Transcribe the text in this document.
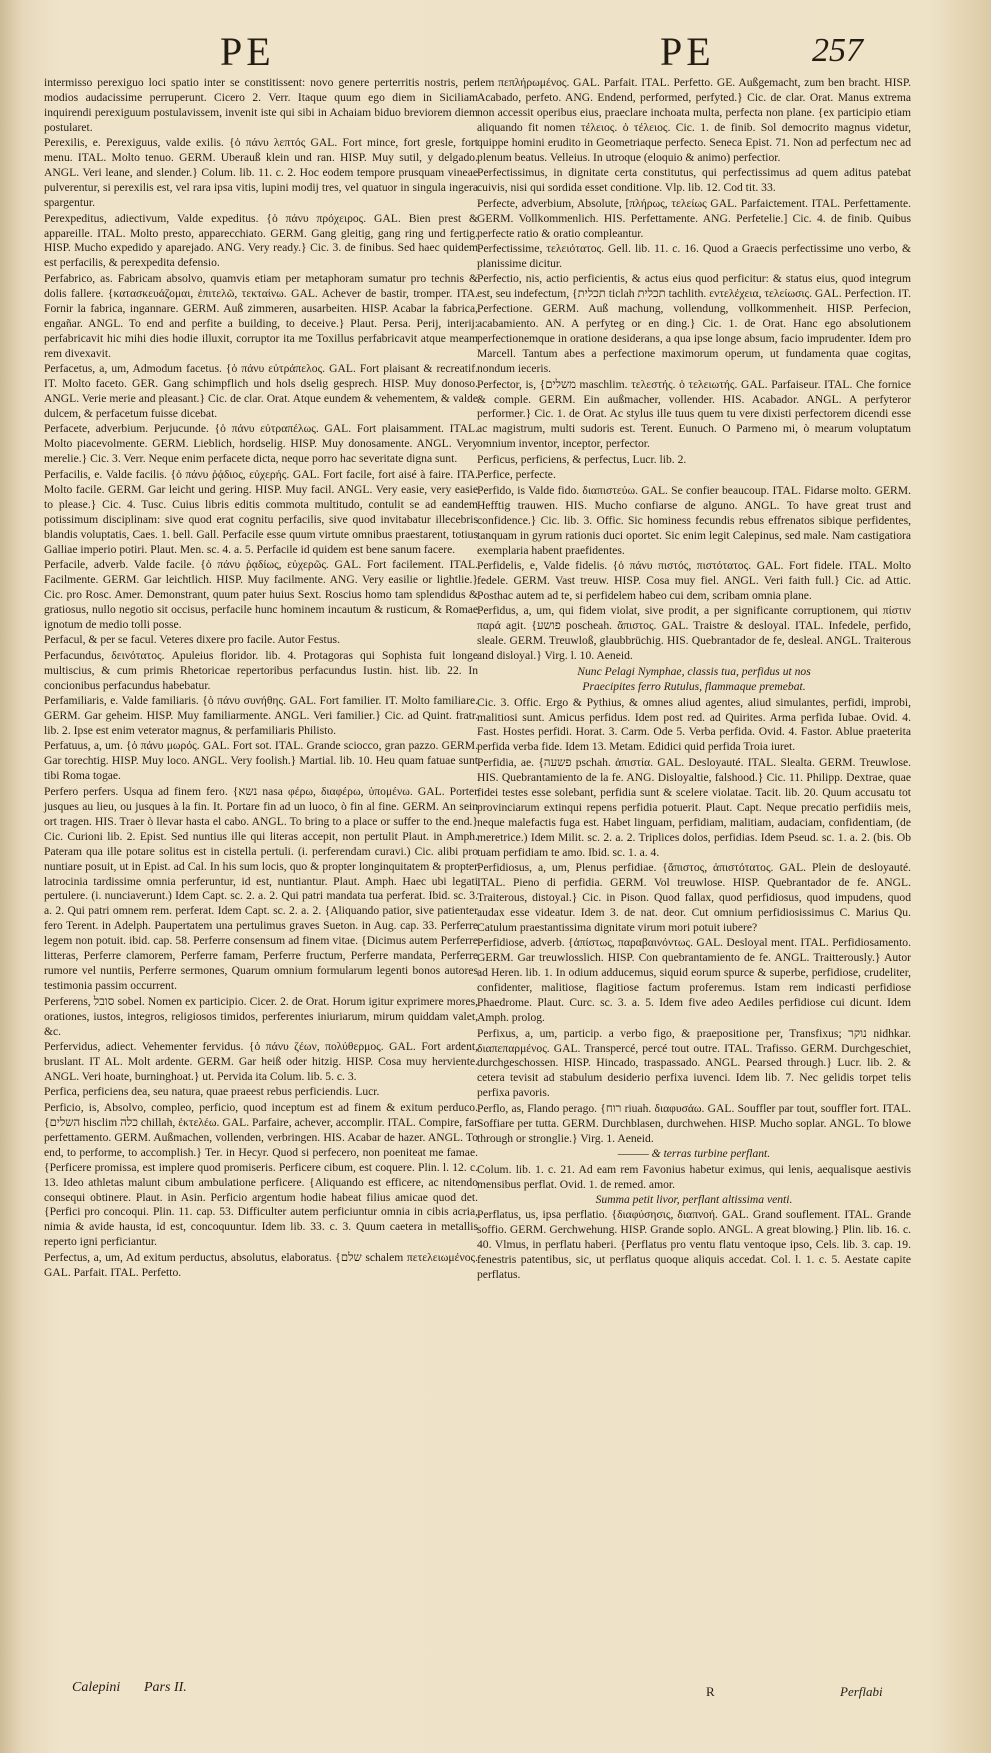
PE	PE	257

intermisso perexiguo loci spatio inter se constitissent: novo genere perterritis nostris, per modios audacissime perruperunt. Cicero 2. Verr. Itaque quum ego diem in Siciliam inquirendi perexiguum postulavissem, invenit iste qui sibi in Achaiam biduo breviorem diem postularet.

Perexilis, e. Perexiguus, valde exilis. {ὁ πάνυ λεπτός GAL. Fort mince, fort gresle, fort menu. ITAL. Molto tenuo. GERM. Uberauß klein und ran. HISP. Muy sutil, y delgado. ANGL. Veri leane, and slender.} Colum. lib. 11. c. 2. Hoc eodem tempore prusquam vineae pulverentur, si perexilis est, vel rara ipsa vitis, lupini modij tres, vel quatuor in singula ingera spargentur.

Perexpeditus, adiectivum, Valde expeditus. {ὁ πάνυ πρόχειρος. GAL. Bien prest & appareille. ITAL. Molto presto, apparecchiato. GERM. Gang gleitig, gang ring und fertig. HISP. Mucho expedido y aparejado. ANG. Very ready.} Cic. 3. de finibus. Sed haec quidem est perfacilis, & perexpedita defensio.

Perfabrico, as. Fabricam absolvo, quamvis etiam per metaphoram sumatur pro technis & dolis fallere. {κατασκευάζομαι, ἐπιτελῶ, τεκταίνω. GAL. Achever de bastir, tromper. ITA. Fornir la fabrica, ingannare. GERM. Auß zimmeren, ausarbeiten. HISP. Acabar la fabrica, engañar. ANGL. To end and perfite a building, to deceive.} Plaut. Persa. Perij, interij: perfabricavit hic mihi dies hodie illuxit, corruptor ita me Toxillus perfabricavit atque meam rem divexavit.

Perfacetus, a, um, Admodum facetus. {ὁ πάνυ εὐτράπελος. GAL. Fort plaisant & recreatif. IT. Molto faceto. GER. Gang schimpflich und hols dselig gesprech. HISP. Muy donoso. ANGL. Verie merie and pleasant.} Cic. de clar. Orat. Atque eundem & vehementem, & valde dulcem, & perfacetum fuisse dicebat.

Perfacete, adverbium. Perjucunde. {ὁ πάνυ εὐτραπέλως. GAL. Fort plaisamment. ITAL. Molto piacevolmente. GERM. Lieblich, hordselig. HISP. Muy donosamente. ANGL. Very merelie.} Cic. 3. Verr. Neque enim perfacete dicta, neque porro hac severitate digna sunt.

Perfacilis, e. Valde facilis. {ὁ πάνυ ῥᾴδιος, εὐχερής. GAL. Fort facile, fort aisé à faire. ITA. Molto facile. GERM. Gar leicht und gering. HISP. Muy facil. ANGL. Very easie, very easie to please.} Cic. 4. Tusc. Cuius libris editis commota multitudo, contulit se ad eandem potissimum disciplinam: sive quod erat cognitu perfacilis, sive quod invitabatur illecebris blandis voluptatis, Caes. 1. bell. Gall. Perfacile esse quum virtute omnibus praestarent, totius Galliae imperio potiri. Plaut. Men. sc. 4. a. 5. Perfacile id quidem est bene sanum facere.

Perfacile, adverb. Valde facile. {ὁ πάνυ ῥᾳδίως, εὐχερῶς. GAL. Fort facilement. ITAL. Facilmente. GERM. Gar leichtlich. HISP. Muy facilmente. ANG. Very easilie or lightlie.} Cic. pro Rosc. Amer. Demonstrant, quum pater huius Sext. Roscius homo tam splendidus & gratiosus, nullo negotio sit occisus, perfacile hunc hominem incautum & rusticum, & Romae ignotum de medio tolli posse.

Perfacul, & per se facul. Veteres dixere pro facile. Autor Festus.

Perfacundus, δεινότατος. Apuleius floridor. lib. 4. Protagoras qui Sophista fuit longe multiscius, & cum primis Rhetoricae repertoribus perfacundus Iustin. hist. lib. 22. In concionibus perfacundus habebatur.

Perfamiliaris, e. Valde familiaris. {ὁ πάνυ συνήθης. GAL. Fort familier. IT. Molto familiare. GERM. Gar geheim. HISP. Muy familiarmente. ANGL. Veri familier.} Cic. ad Quint. fratr. lib. 2. Ipse est enim veterator magnus, & perfamiliaris Philisto.

Perfatuus, a, um. {ὁ πάνυ μωρός. GAL. Fort sot. ITAL. Grande sciocco, gran pazzo. GERM. Gar torechtig. HISP. Muy loco. ANGL. Very foolish.} Martial. lib. 10. Heu quam fatuae sunt tibi Roma togae.

Perfero perfers. Usqua ad finem fero. {נשא nasa φέρω, διαφέρω, ὑπομένω. GAL. Porter jusques au lieu, ou jusques à la fin. It. Portare fin ad un luoco, ò fin al fine. GERM. An sein ort tragen. HIS. Traer ò llevar hasta el cabo. ANGL. To bring to a place or suffer to the end.} Cic. Curioni lib. 2. Epist. Sed nuntius ille qui literas accepit, non pertulit Plaut. in Amph. Pateram qua ille potare solitus est in cistella pertuli. (i. perferendam curavi.) Cic. alibi pro nuntiare posuit, ut in Epist. ad Cal. In his sum locis, quo & propter longinquitatem & propter latrocinia tardissime omnia perferuntur, id est, nuntiantur. Plaut. Amph. Haec ubi legati pertulere. (i. nunciaverunt.) Idem Capt. sc. 2. a. 2. Qui patri mandata tua perferat. Ibid. sc. 3. a. 2. Qui patri omnem rem. perferat. Idem Capt. sc. 2. a. 2. {Aliquando patior, sive patienter fero Terent. in Adelph. Paupertatem una pertulimus graves Sueton. in Aug. cap. 33. Perferre legem non potuit. ibid. cap. 58. Perferre consensum ad finem vitae. {Dicimus autem Perferre litteras, Perferre clamorem, Perferre famam, Perferre fructum, Perferre mandata, Perferre rumore vel nuntiis, Perferre sermones, Quarum omnium formularum legenti bonos autores testimonia passim occurrent.

Perferens, סובל sobel. Nomen ex participio. Cicer. 2. de Orat. Horum igitur exprimere mores, orationes, iustos, integros, religiosos timidos, perferentes iniuriarum, mirum quiddam valet, &c.

Perfervidus, adiect. Vehementer fervidus. {ὁ πάνυ ζέων, πολύθερμος. GAL. Fort ardent, bruslant. IT AL. Molt ardente. GERM. Gar heiß oder hitzig. HISP. Cosa muy herviente. ANGL. Veri hoate, burninghoat.} ut. Pervida ita Colum. lib. 5. c. 3.

Perfica, perficiens dea, seu natura, quae praeest rebus perficiendis. Lucr.

Perficio, is, Absolvo, compleo, perficio, quod inceptum est ad finem & exitum perduco. {השלים hisclim כלה chillah, ἐκτελέω. GAL. Parfaire, achever, accomplir. ITAL. Compire, far perfettamento. GERM. Außmachen, vollenden, verbringen. HIS. Acabar de hazer. ANGL. To end, to performe, to accomplish.} Ter. in Hecyr. Quod si perfecero, non poeniteat me famae. {Perficere promissa, est implere quod promiseris. Perficere cibum, est coquere. Plin. l. 12. c. 13. Ideo athletas malunt cibum ambulatione perficere. {Aliquando est efficere, ac nitendo consequi obtinere. Plaut. in Asin. Perficio argentum hodie habeat filius amicae quod det. {Perfici pro concoqui. Plin. 11. cap. 53. Difficulter autem perficiuntur omnia in cibis acria, nimia & avide hausta, id est, concoquuntur. Idem lib. 33. c. 3. Quum caetera in metallis reperto igni perficiantur.

Perfectus, a, um, Ad exitum perductus, absolutus, elaboratus. {שלם schalem πετελειωμένος. GAL. Parfait. ITAL. Perfetto.

lem πεπλήρωμένος. GAL. Parfait. ITAL. Perfetto. GE. Außgemacht, zum ben bracht. HISP. Acabado, perfeto. ANG. Endend, performed, perfyted.} Cic. de clar. Orat. Manus extrema non accessit operibus eius, praeclare inchoata multa, perfecta non plane. {ex participio etiam aliquando fit nomen τέλειος. ὁ τέλειος. Cic. 1. de finib. Sol democrito magnus videtur, quippe homini erudito in Geometriaque perfecto. Seneca Epist. 71. Non ad perfectum nec ad plenum beatus. Velleius. In utroque (eloquio & animo) perfectior.

Perfectissimus, in dignitate certa constitutus, qui perfectissimus ad quem aditus patebat cuivis, nisi qui sordida esset conditione. Vlp. lib. 12. Cod tit. 33.

Perfecte, adverbium, Absolute, [πλήρως, τελείως GAL. Parfaictement. ITAL. Perfettamente. GERM. Vollkommenlich. HIS. Perfettamente. ANG. Perfetelie.] Cic. 4. de finib. Quibus perfecte ratio & oratio compleantur.

Perfectissime, τελειότατος. Gell. lib. 11. c. 16. Quod a Graecis perfectissime uno verbo, & planissime dicitur.

Perfectio, nis, actio perficientis, & actus eius quod perficitur: & status eius, quod integrum est, seu indefectum, {תכלית ticlah תכלית tachlith. εντελέχεια, τελείωσις. GAL. Perfection. IT. Perfectione. GERM. Auß machung, vollendung, vollkommenheit. HISP. Perfecion, acabamiento. AN. A perfyteg or en ding.} Cic. 1. de Orat. Hanc ego absolutionem perfectionemque in oratione desiderans, a qua ipse longe absum, facio imprudenter. Idem pro Marcell. Tantum abes a perfectione maximorum operum, ut fundamenta quae cogitas, nondum ieceris.

Perfector, is, {משלים maschlim. τελεστής. ὁ τελειωτής. GAL. Parfaiseur. ITAL. Che fornice & comple. GERM. Ein außmacher, vollender. HIS. Acabador. ANGL. A perfyteror performer.} Cic. 1. de Orat. Ac stylus ille tuus quem tu vere dixisti perfectorem dicendi esse ac magistrum, multi sudoris est. Terent. Eunuch. O Parmeno mi, ò mearum voluptatum omnium inventor, inceptor, perfector.

Perficus, perficiens, & perfectus, Lucr. lib. 2.

Perfice, perfecte.

Perfido, is Valde fido. διαπιστεύω. GAL. Se confier beaucoup. ITAL. Fidarse molto. GERM. Hefftig trauwen. HIS. Mucho confiarse de alguno. ANGL. To have great trust and confidence.} Cic. lib. 3. Offic. Sic hominess fecundis rebus effrenatos sibique perfidentes, tanquam in gyrum rationis duci oportet. Sic enim legit Calepinus, sed male. Nam castigatiora exemplaria habent praefidentes.

Perfidelis, e, Valde fidelis. {ὁ πάνυ πιστός, πιστότατος. GAL. Fort fidele. ITAL. Molto fedele. GERM. Vast treuw. HISP. Cosa muy fiel. ANGL. Veri faith full.} Cic. ad Attic. Posthac autem ad te, si perfidelem habeo cui dem, scribam omnia plane.

Perfidus, a, um, qui fidem violat, sive prodit, a per significante corruptionem, qui πίστιν παρά agit. {פושע poscheah. ἄπιστος. GAL. Traistre & desloyal. ITAL. Infedele, perfido, sleale. GERM. Treuwloß, glaubbrüchig. HIS. Quebrantador de fe, desleal. ANGL. Traiterous and disloyal.} Virg. l. 10. Aeneid.

Nunc Pelagi Nymphae, classis tua, perfidus ut nos

Praecipites ferro Rutulus, flammaque premebat.

Cic. 3. Offic. Ergo & Pythius, & omnes aliud agentes, aliud simulantes, perfidi, improbi, malitiosi sunt. Amicus perfidus. Idem post red. ad Quirites. Arma perfida Iubae. Ovid. 4. Fast. Hostes perfidi. Horat. 3. Carm. Ode 5. Verba perfida. Ovid. 4. Fastor. Ablue praeterita perfida verba fide. Idem 13. Metam. Edidici quid perfida Troia iuret.

Perfidia, ae. {פשעה pschah. ἀπιστία. GAL. Desloyauté. ITAL. Slealta. GERM. Treuwlose. HIS. Quebrantamiento de la fe. ANG. Disloyaltie, falshood.} Cic. 11. Philipp. Dextrae, quae fidei testes esse solebant, perfidia sunt & scelere violatae. Tacit. lib. 20. Quum accusatu tot provinciarum extinqui repens perfidia potuerit. Plaut. Capt. Neque precatio perfidiis meis, neque malefactis fuga est. Habet linguam, perfidiam, malitiam, audaciam, confidentiam, (de meretrice.) Idem Milit. sc. 2. a. 2. Triplices dolos, perfidias. Idem Pseud. sc. 1. a. 2. (bis. Ob tuam perfidiam te amo. Ibid. sc. 1. a. 4.

Perfidiosus, a, um, Plenus perfidiae. {ἄπιστος, ἀπιστότατος. GAL. Plein de desloyauté. ITAL. Pieno di perfidia. GERM. Vol treuwlose. HISP. Quebrantador de fe. ANGL. Traiterous, distoyal.} Cic. in Pison. Quod fallax, quod perfidiosus, quod impudens, quod audax esse videatur. Idem 3. de nat. deor. Cut omnium perfidiosissimus C. Marius Qu. Catulum praestantissima dignitate virum mori potuit iubere?

Perfidiose, adverb. {ἀπίστως, παραβαινόντως. GAL. Desloyal ment. ITAL. Perfidiosamento. GERM. Gar treuwlosslich. HISP. Con quebrantamiento de fe. ANGL. Traitterously.} Autor ad Heren. lib. 1. In odium adducemus, siquid eorum spurce & superbe, perfidiose, crudeliter, confidenter, malitiose, flagitiose factum proferemus. Istam rem indicasti perfidiose Phaedrome. Plaut. Curc. sc. 3. a. 5. Idem five adeo Aediles perfidiose cui dicunt. Idem Amph. prolog.

Perfixus, a, um, particip. a verbo figo, & praepositione per, Transfixus; נוקר nidhkar. διαπεπαρμένος. GAL. Transpercé, percé tout outre. ITAL. Trafisso. GERM. Durchgeschiet, durchgeschossen. HISP. Hincado, traspassado. ANGL. Pearsed through.} Lucr. lib. 2. & cetera tevisit ad stabulum desiderio perfixa iuvenci. Idem lib. 7. Nec gelidis torpet telis perfixa pavoris.

Perflo, as, Flando perago. {רוח riuah. διαφυσάω. GAL. Souffler par tout, souffler fort. ITAL. Soffiare per tutta. GERM. Durchblasen, durchwehen. HISP. Mucho soplar. ANGL. To blowe through or stronglie.} Virg. 1. Aeneid.

——— & terras turbine perflant.

Colum. lib. 1. c. 21. Ad eam rem Favonius habetur eximus, qui lenis, aequalisque aestivis mensibus perflat. Ovid. 1. de remed. amor.

Summa petit livor, perflant altissima venti.

Perflatus, us, ipsa perflatio. {διαφύσησις, διαπνοή. GAL. Grand souflement. ITAL. Grande soffio. GERM. Gerchwehung. HISP. Grande soplo. ANGL. A great blowing.} Plin. lib. 16. c. 40. Vlmus, in perflatu haberi. {Perflatus pro ventu flatu ventoque ipso, Cels. lib. 3. cap. 19. fenestris patentibus, sic, ut perflatus quoque aliquis accedat. Col. l. 1. c. 5. Aestate capite perflatus.

Calepini Pars II.	R	Perflabi
